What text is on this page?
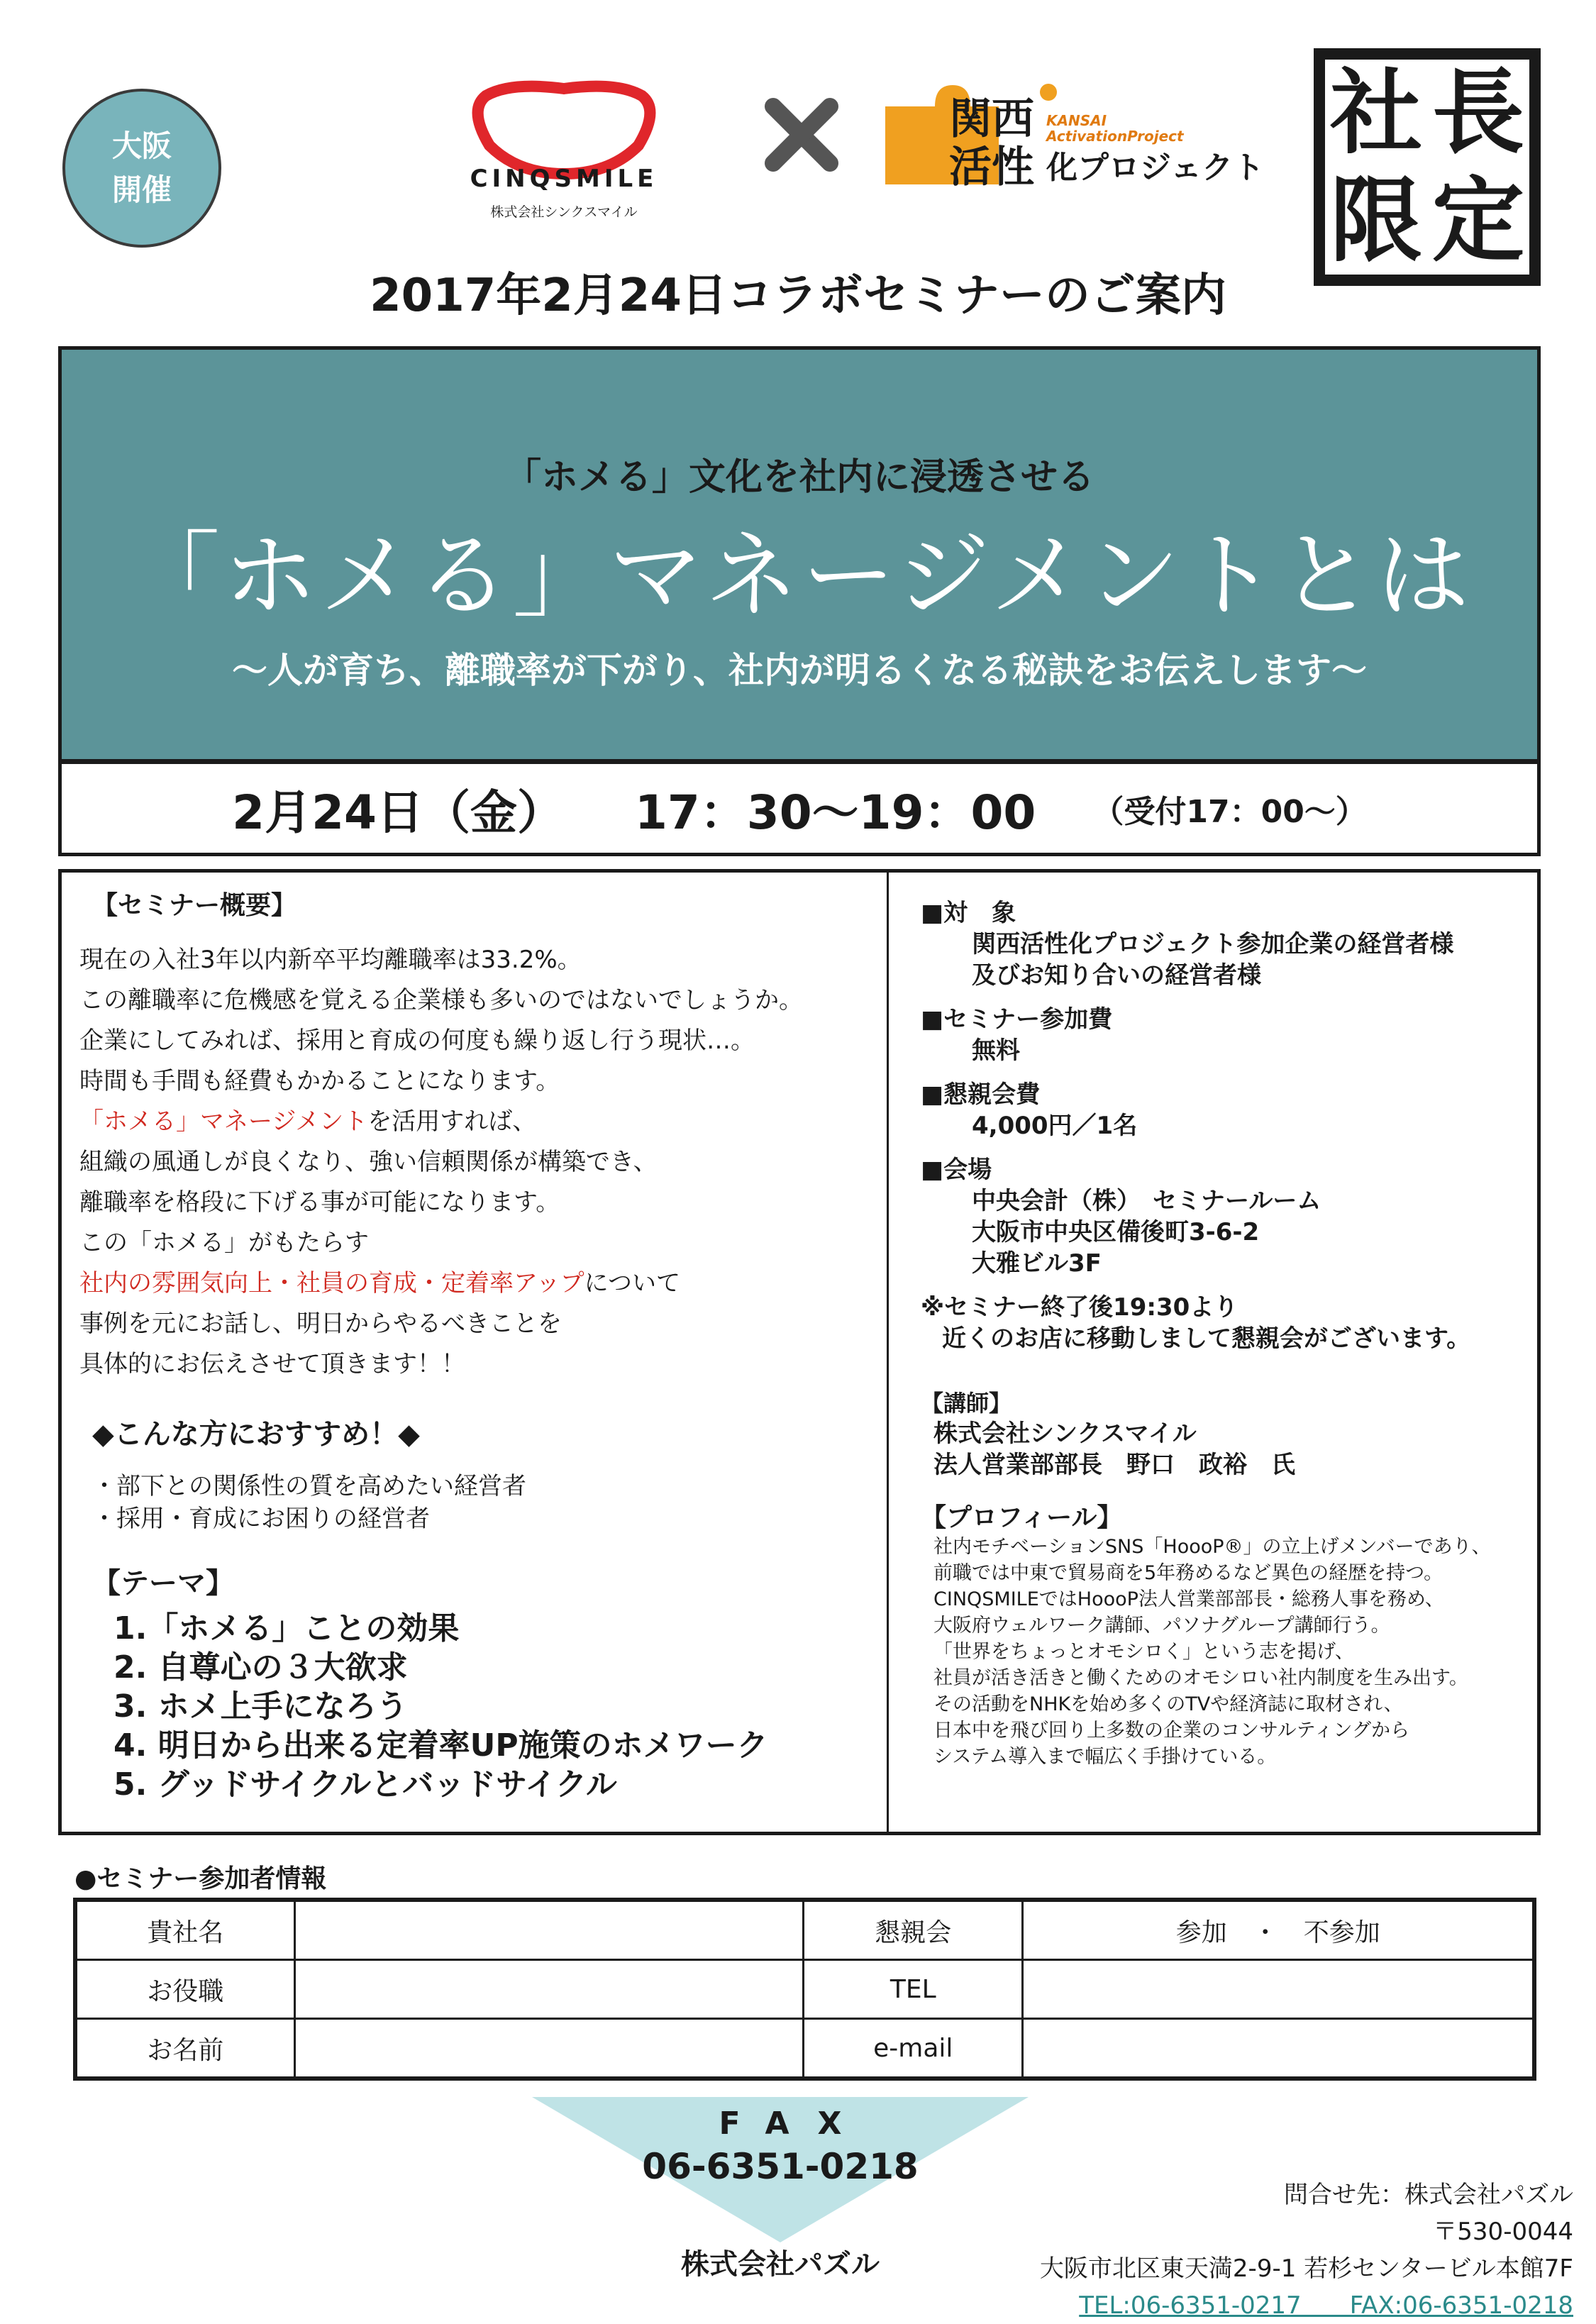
大阪
開催	CINQSMILE
株式会社シンクスマイル
関西
活性
KANSAI
ActivationProject
化プロジェクト
社 長
限 定
2017年2月24日コラボセミナーのご案内
「ホメる」文化を社内に浸透させる
「ホメる」マネージメントとは
～人が育ち、離職率が下がり、社内が明るくなる秘訣をお伝えします～
2月24日（金） 17：30～19：00 （受付17：00～）
【セミナー概要】
現在の入社3年以内新卒平均離職率は33.2%。
この離職率に危機感を覚える企業様も多いのではないでしょうか。
企業にしてみれば、採用と育成の何度も繰り返し行う現状…。
時間も手間も経費もかかることになります。
「ホメる」マネージメントを活用すれば、
組織の風通しが良くなり、強い信頼関係が構築でき、
離職率を格段に下げる事が可能になります。
この「ホメる」がもたらす
社内の雰囲気向上・社員の育成・定着率アップについて
事例を元にお話し、明日からやるべきことを
具体的にお伝えさせて頂きます！！
◆こんな方におすすめ！◆
・部下との関係性の質を高めたい経営者
・採用・育成にお困りの経営者
【テーマ】
1.「ホメる」ことの効果
2. 自尊心の３大欲求
3. ホメ上手になろう
4. 明日から出来る定着率UP施策のホメワーク
5. グッドサイクルとバッドサイクル
■対　象
関西活性化プロジェクト参加企業の経営者様
及びお知り合いの経営者様
■セミナー参加費
無料
■懇親会費
4,000円／1名
■会場
中央会計（株）　セミナールーム
大阪市中央区備後町3-6-2
大雅ビル3F
※セミナー終了後19:30より
近くのお店に移動しまして懇親会がございます。
【講師】
株式会社シンクスマイル
法人営業部部長　野口　政裕　氏
【プロフィール】
社内モチベーションSNS「HoooP®」の立上げメンバーであり、
前職では中東で貿易商を5年務めるなど異色の経歴を持つ。
CINQSMILEではHoooP法人営業部部長・総務人事を務め、
大阪府ウェルワーク講師、パソナグループ講師行う。
「世界をちょっとオモシロく」という志を掲げ、
社員が活き活きと働くためのオモシロい社内制度を生み出す。
その活動をNHKを始め多くのTVや経済誌に取材され、
日本中を飛び回り上多数の企業のコンサルティングから
システム導入まで幅広く手掛けている。
●セミナー参加者情報
貴社名		懇親会	参加　・　不参加
お役職		TEL	
お名前		e-mail	
FAX
06-6351-0218
株式会社パズル
問合せ先：株式会社パズル
〒530-0044
大阪市北区東天満2-9-1 若杉センタービル本館7F
TEL:06-6351-0217　　FAX:06-6351-0218
